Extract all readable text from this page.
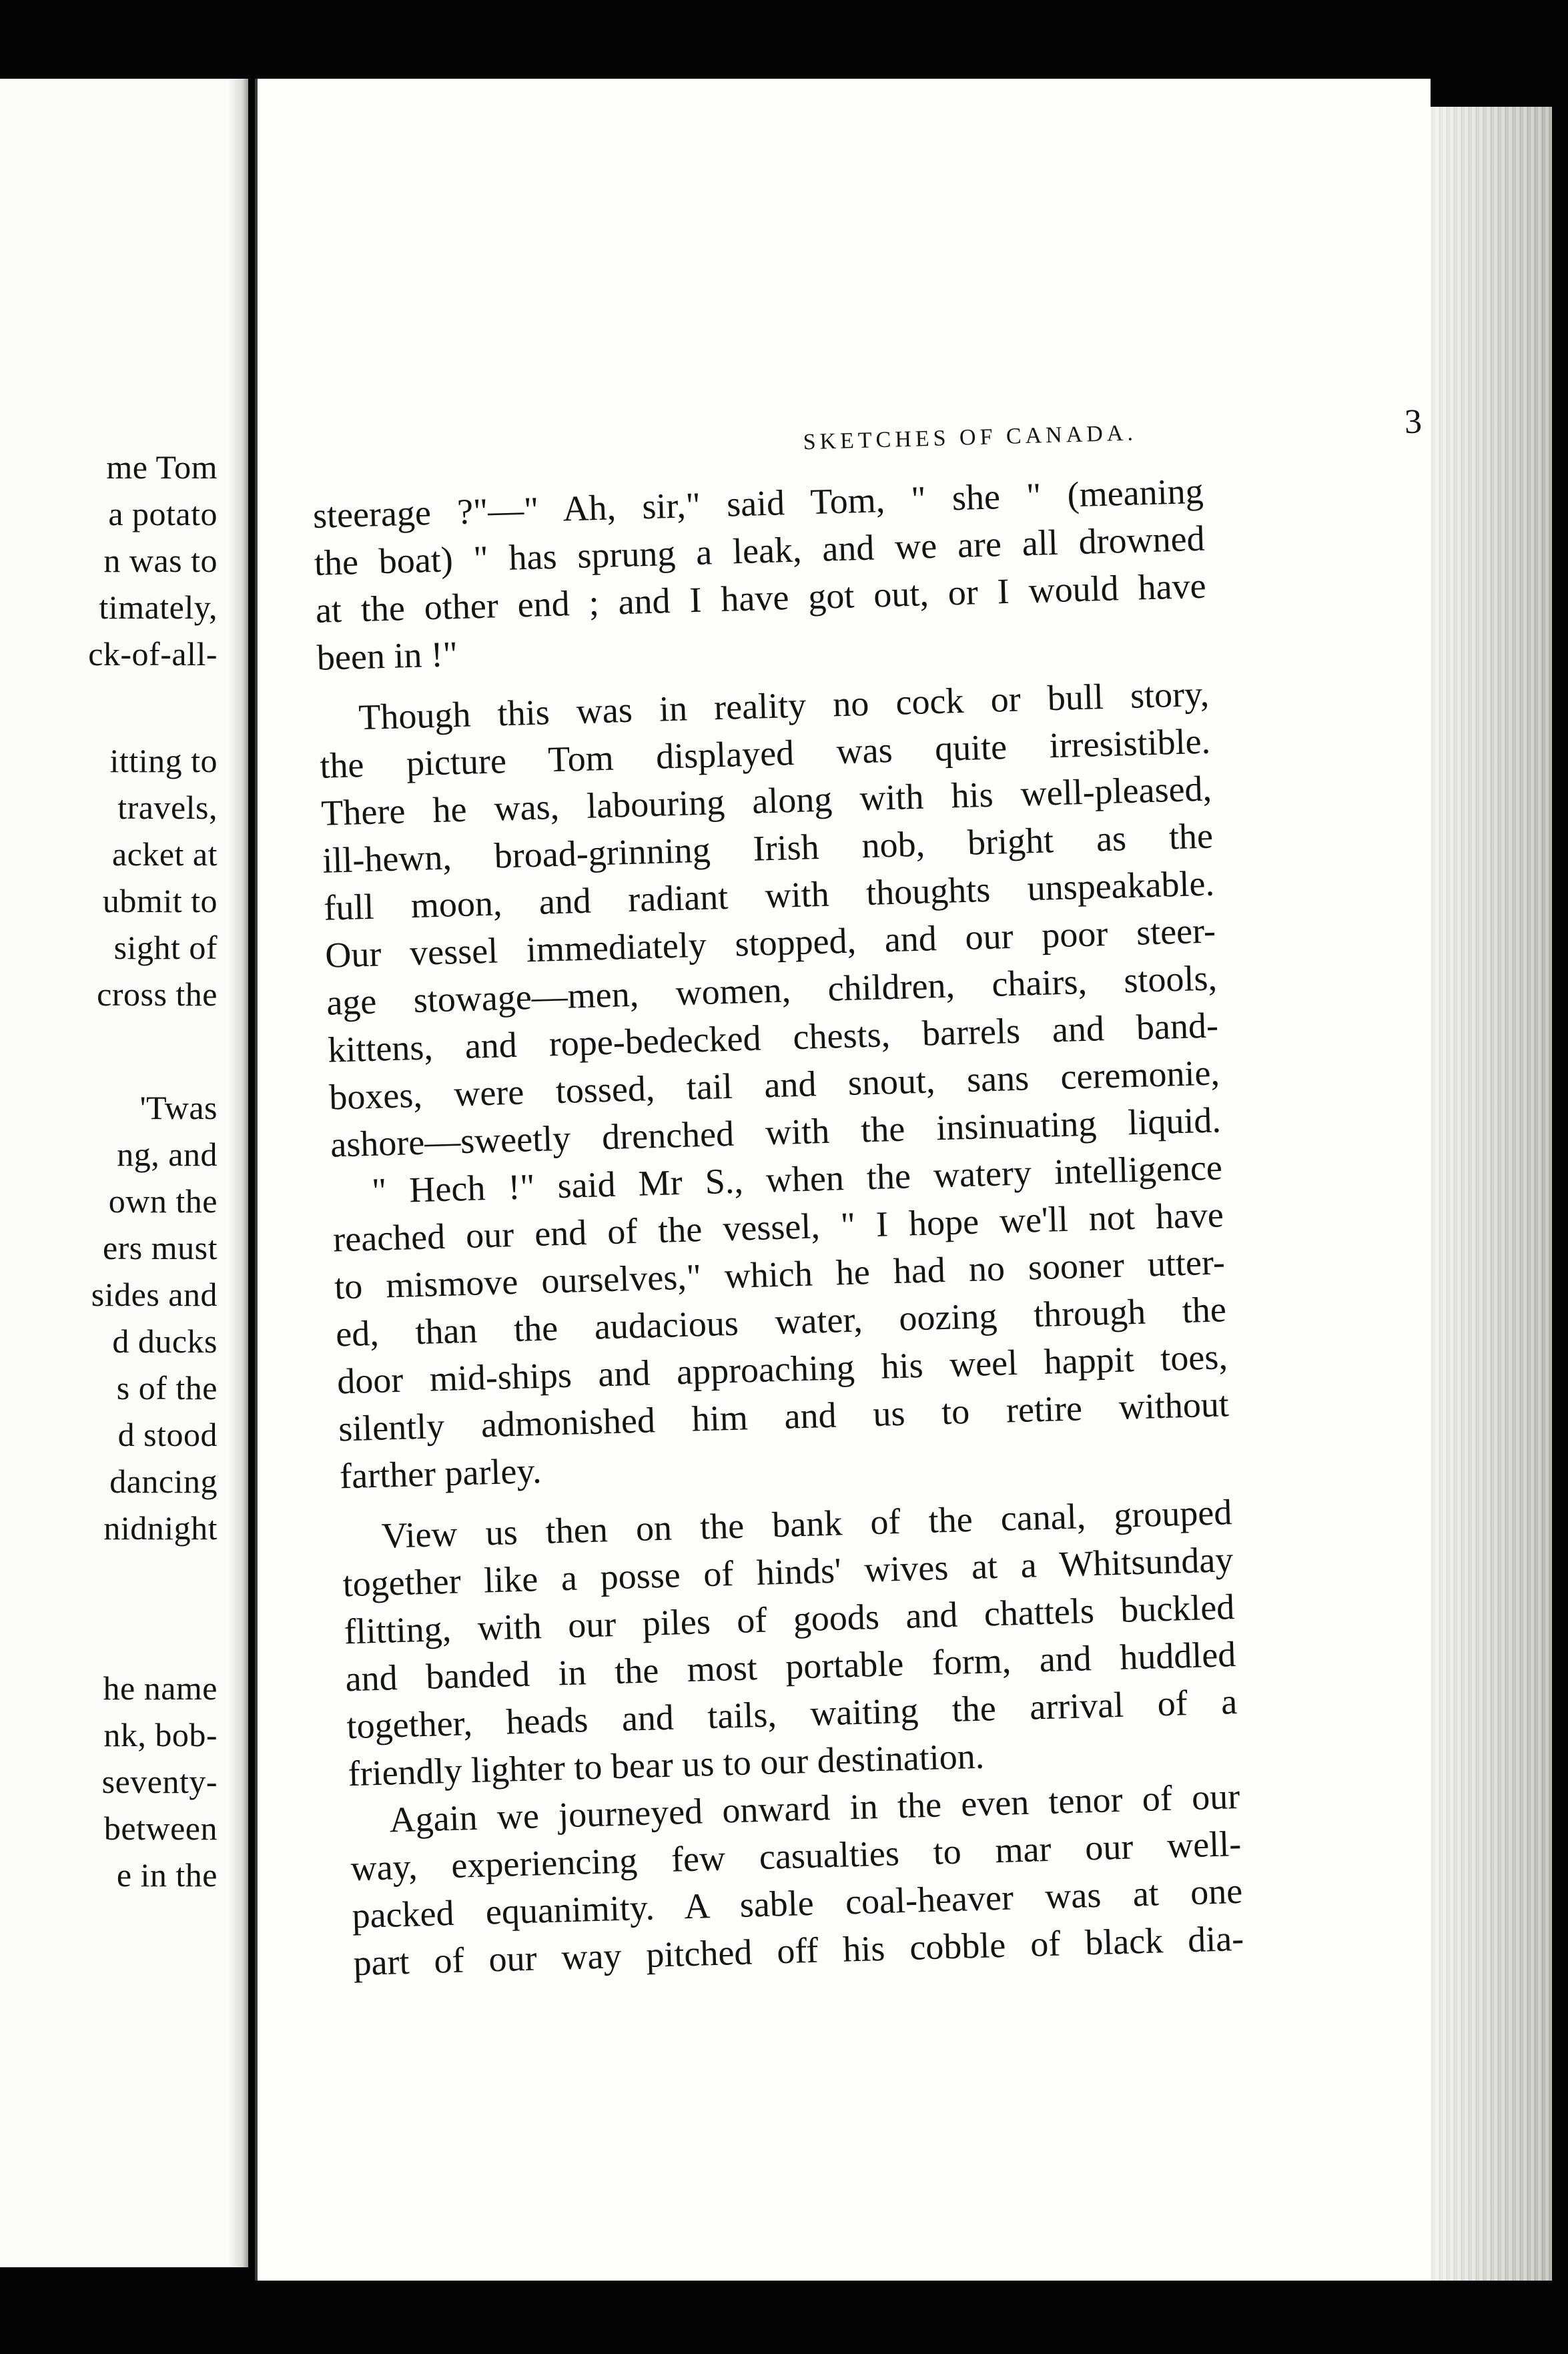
me Tom
a potato
n was to
timately,
ck-of-all-
itting to
travels,
acket at
ubmit to
sight of
cross the
'Twas
ng, and
own the
ers must
sides and
d ducks
s of the
d stood
dancing
nidnight
he name
nk, bob-
seventy-
between
e in the
SKETCHES OF CANADA.	3
steerage ?"—" Ah, sir," said Tom, " she " (meaning
the boat) " has sprung a leak, and we are all drowned
at the other end ; and I have got out, or I would have
been in !"
Though this was in reality no cock or bull story,
the picture Tom displayed was quite irresistible.
There he was, labouring along with his well-pleased,
ill-hewn, broad-grinning Irish nob, bright as the
full moon, and radiant with thoughts unspeakable.
Our vessel immediately stopped, and our poor steer-
age stowage—men, women, children, chairs, stools,
kittens, and rope-bedecked chests, barrels and band-
boxes, were tossed, tail and snout, sans ceremonie,
ashore—sweetly drenched with the insinuating liquid.
" Hech !" said Mr S., when the watery intelligence
reached our end of the vessel, " I hope we'll not have
to mismove ourselves," which he had no sooner utter-
ed, than the audacious water, oozing through the
door mid-ships and approaching his weel happit toes,
silently admonished him and us to retire without
farther parley.
View us then on the bank of the canal, grouped
together like a posse of hinds' wives at a Whitsunday
flitting, with our piles of goods and chattels buckled
and banded in the most portable form, and huddled
together, heads and tails, waiting the arrival of a
friendly lighter to bear us to our destination.
Again we journeyed onward in the even tenor of our
way, experiencing few casualties to mar our well-
packed equanimity. A sable coal-heaver was at one
part of our way pitched off his cobble of black dia-
